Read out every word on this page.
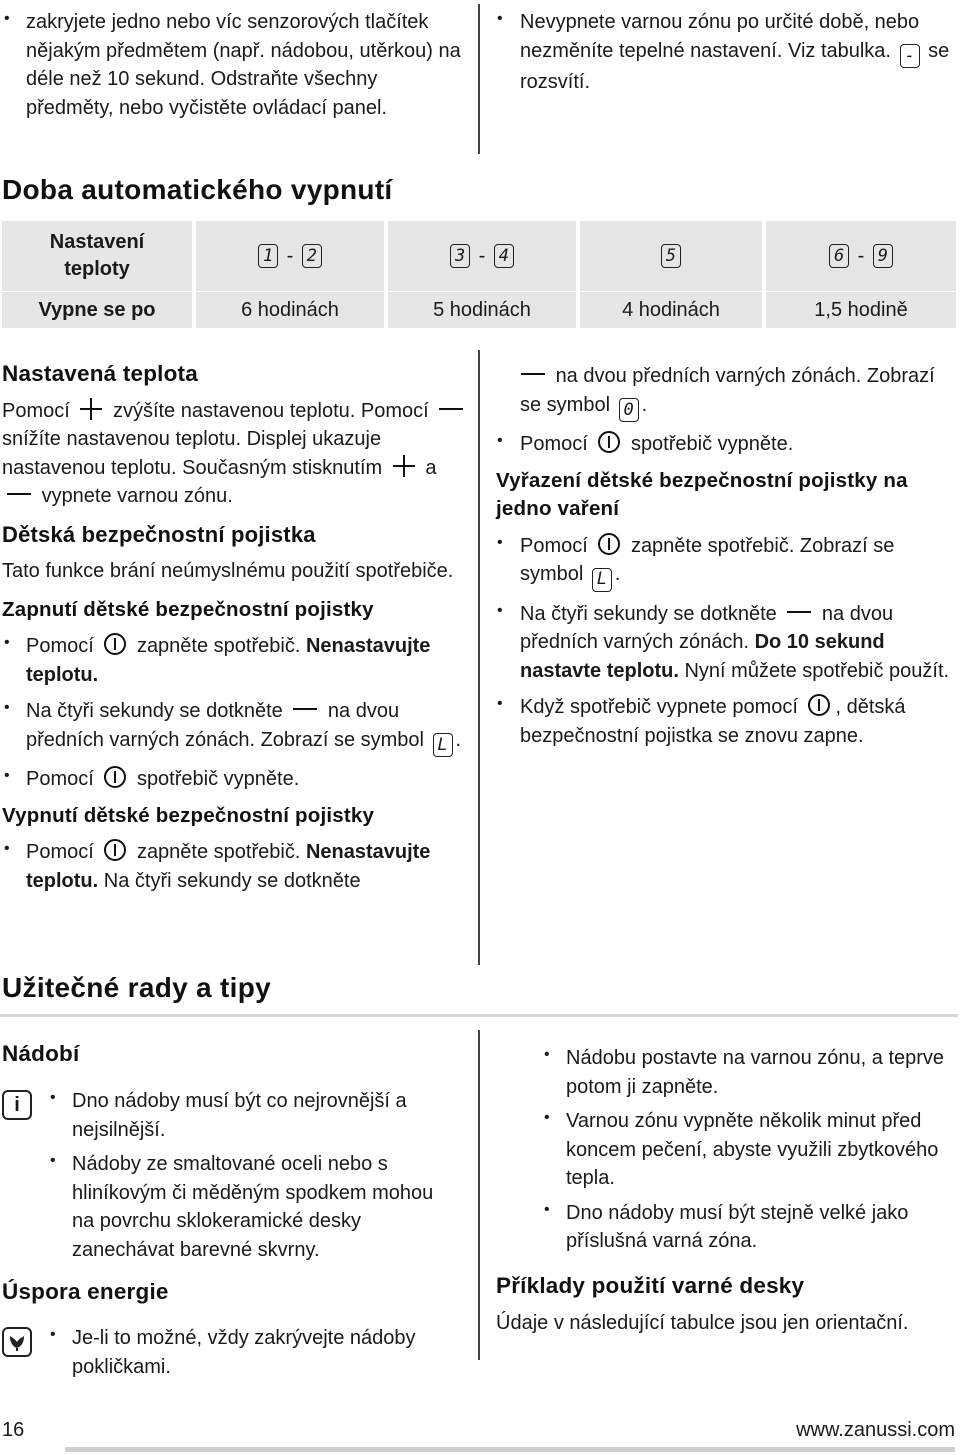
• zakryjete jedno nebo víc senzorových tlačítek nějakým předmětem (např. nádobou, utěrkou) na déle než 10 sekund. Odstraňte všechny předměty, nebo vyčistěte ovládací panel.
• Nevypnete varnou zónu po určité době, nebo nezměníte tepelné nastavení. Viz tabulka. - se rozsvítí.
Doba automatického vypnutí
Nastavení teploty
1 - 2	3 - 4	5	6 - 9
Vypne se po	6 hodinách	5 hodinách	4 hodinách	1,5 hodině
Nastavená teplota
Pomocí zvýšíte nastavenou teplotu. Pomocí  snížíte nastavenou teplotu. Displej ukazuje nastavenou teplotu. Současným stisknutím a  vypnete varnou zónu.
Dětská bezpečnostní pojistka
Tato funkce brání neúmyslnému použití spotřebiče.
Zapnutí dětské bezpečnostní pojistky
• Pomocí zapněte spotřebič. Nenastavujte teplotu.
• Na čtyři sekundy se dotkněte na dvou předních varných zónách. Zobrazí se symbol L .
• Pomocí spotřebič vypněte.
Vypnutí dětské bezpečnostní pojistky
• Pomocí zapněte spotřebič. Nenastavujte teplotu. Na čtyři sekundy se dotkněte
na dvou předních varných zónách. Zobrazí se symbol 0 .
• Pomocí spotřebič vypněte.
Vyřazení dětské bezpečnostní pojistky na jedno vaření
• Pomocí zapněte spotřebič. Zobrazí se symbol L .
• Na čtyři sekundy se dotkněte na dvou předních varných zónách. Do 10 sekund nastavte teplotu. Nyní můžete spotřebič použít.
• Když spotřebič vypnete pomocí , dětská bezpečnostní pojistka se znovu zapne.
Užitečné rady a tipy
Nádobí
i
•	Dno nádoby musí být co nejrovnější a nejsilnější.
• Nádoby ze smaltované oceli nebo s hliníkovým či měděným spodkem mohou na povrchu sklokeramické desky zanechávat barevné skvrny.
Úspora energie
• Je-li to možné, vždy zakrývejte nádoby pokličkami.
• Nádobu postavte na varnou zónu, a teprve potom ji zapněte.
• Varnou zónu vypněte několik minut před koncem pečení, abyste využili zbytkového tepla.
• Dno nádoby musí být stejně velké jako příslušná varná zóna.
Příklady použití varné desky
Údaje v následující tabulce jsou jen orientační.
16	www.zanussi.com
